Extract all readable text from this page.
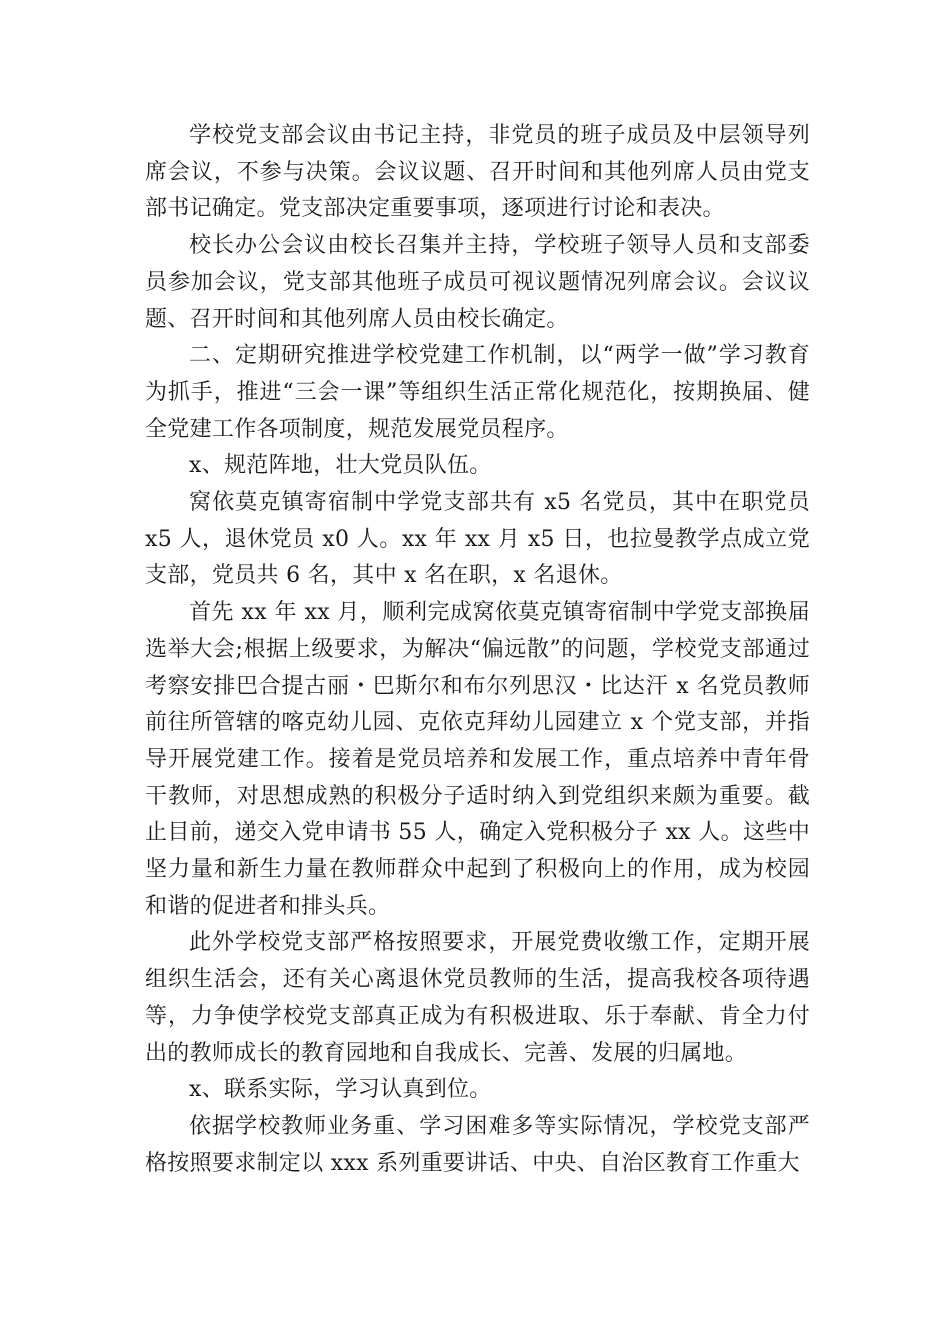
学校党支部会议由书记主持，非党员的班子成员及中层领导列席会议，不参与决策。会议议题、召开时间和其他列席人员由党支部书记确定。党支部决定重要事项，逐项进行讨论和表决。

校长办公会议由校长召集并主持，学校班子领导人员和支部委员参加会议，党支部其他班子成员可视议题情况列席会议。会议议题、召开时间和其他列席人员由校长确定。

二、定期研究推进学校党建工作机制，以“两学一做”学习教育为抓手，推进“三会一课”等组织生活正常化规范化，按期换届、健全党建工作各项制度，规范发展党员程序。

x、规范阵地，壮大党员队伍。

窝依莫克镇寄宿制中学党支部共有 x5 名党员，其中在职党员 x5 人，退休党员 x0 人。xx 年 xx 月 x5 日，也拉曼教学点成立党支部，党员共 6 名，其中 x 名在职，x 名退休。

首先 xx 年 xx 月，顺利完成窝依莫克镇寄宿制中学党支部换届选举大会;根据上级要求，为解决“偏远散”的问题，学校党支部通过考察安排巴合提古丽・巴斯尔和布尔列思汉・比达汗 x 名党员教师前往所管辖的喀克幼儿园、克依克拜幼儿园建立 x 个党支部，并指导开展党建工作。接着是党员培养和发展工作，重点培养中青年骨干教师，对思想成熟的积极分子适时纳入到党组织来颇为重要。截止目前，递交入党申请书 55 人，确定入党积极分子 xx 人。这些中坚力量和新生力量在教师群众中起到了积极向上的作用，成为校园和谐的促进者和排头兵。

此外学校党支部严格按照要求，开展党费收缴工作，定期开展组织生活会，还有关心离退休党员教师的生活，提高我校各项待遇等，力争使学校党支部真正成为有积极进取、乐于奉献、肯全力付出的教师成长的教育园地和自我成长、完善、发展的归属地。

x、联系实际，学习认真到位。

依据学校教师业务重、学习困难多等实际情况，学校党支部严格按照要求制定以 xxx 系列重要讲话、中央、自治区教育工作重大
